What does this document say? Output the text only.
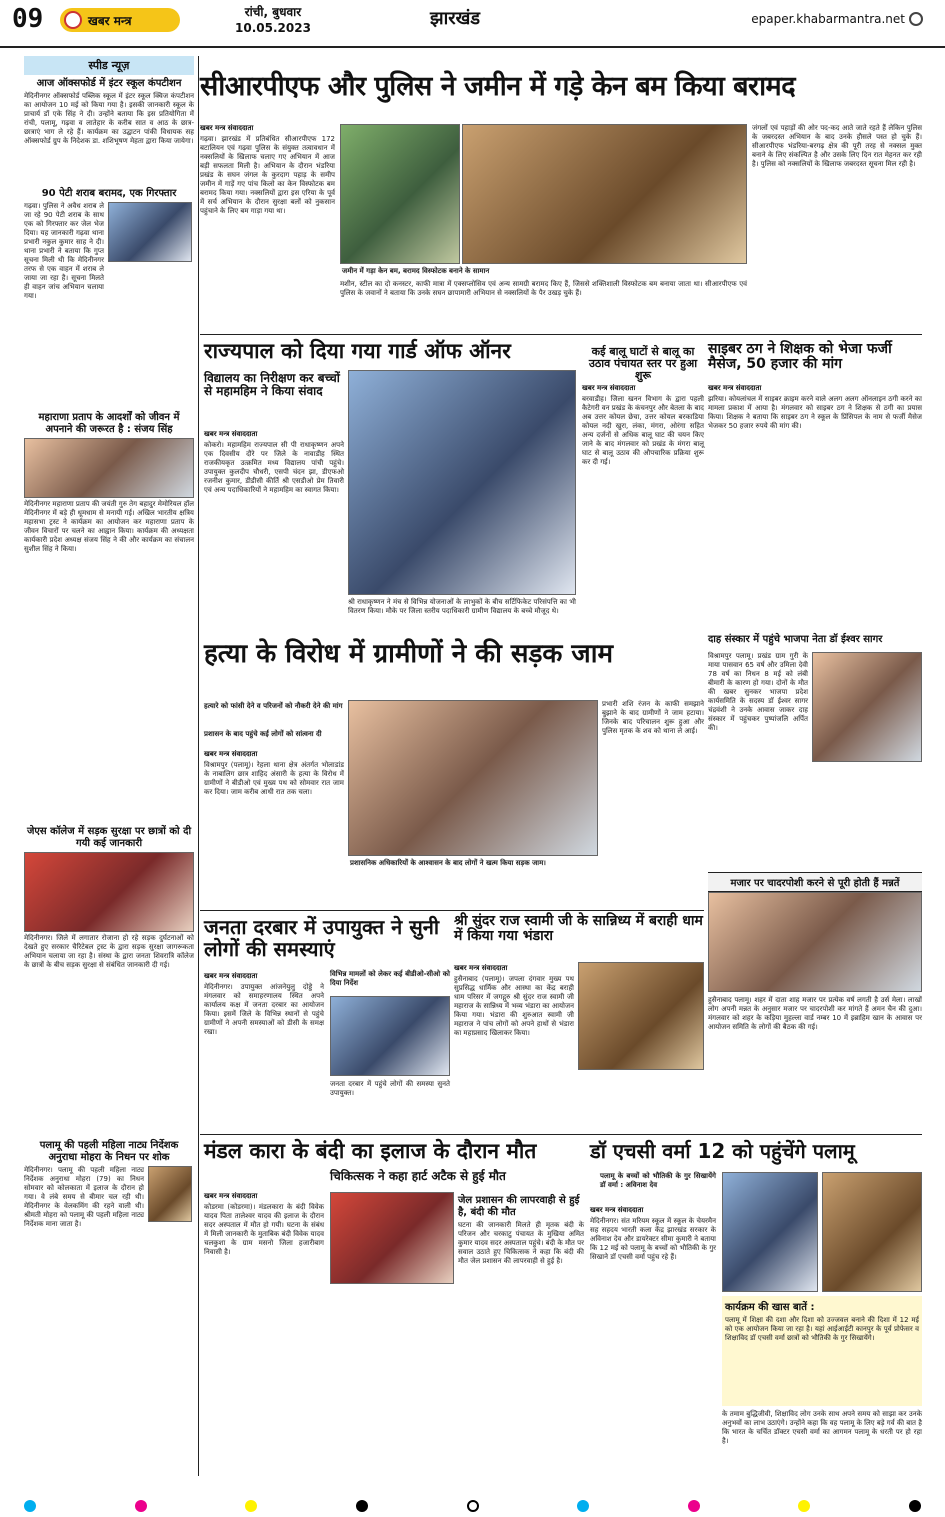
09	खबर मन्त्र
रांची, बुधवार
10.05.2023	झारखंड	epaper.khabarmantra.net
स्पीड न्यूज़
आज ऑक्सफोर्ड में इंटर स्कूल कंपटीशन
मेदिनीनगर ऑक्सफोर्ड पब्लिक स्कूल में इंटर स्कूल क्विज कंपटीशन का आयोजन 10 मई को किया गया है। इसकी जानकारी स्कूल के प्राचार्य डॉ एके सिंह ने दी। उन्होंने बताया कि इस प्रतियोगिता में रांची, पलामू, गढ़वा व लातेहार के करीब सात व आठ के छात्र-छात्राएं भाग ले रहे हैं। कार्यक्रम का उद्घाटन पांकी विधायक सह ऑक्सफोर्ड ग्रुप के निदेशक डा. शशिभूषण मेहता द्वारा किया जायेगा।
90 पेटी शराब बरामद, एक गिरफ्तार
गढ़वा। पुलिस ने अवैध शराब ले जा रहे 90 पेटी शराब के साथ एक को गिरफ्तार कर जेल भेज दिया। यह जानकारी गढ़वा थाना प्रभारी नकुल कुमार साह ने दी। थाना प्रभारी ने बताया कि गुप्त सूचना मिली थी कि मेदिनीनगर तरफ से एक वाहन में शराब ले जाया जा रहा है। सूचना मिलते ही वाहन जांच अभियान चलाया गया।
महाराणा प्रताप के आदर्शों को जीवन में अपनाने की जरूरत है : संजय सिंह
मेदिनीनगर महाराणा प्रताप की जयंती गुरु तेग बहादुर मेमोरियल हॉल मेदिनीनगर में बड़े ही धूमधाम से मनायी गई। अखिल भारतीय क्षत्रिय महासभा ट्रस्ट ने कार्यक्रम का आयोजन कर महाराणा प्रताप के जीवन विचारों पर चलने का आह्वान किया। कार्यक्रम की अध्यक्षता कार्यकारी प्रदेश अध्यक्ष संजय सिंह ने की और कार्यक्रम का संचालन सुशील सिंह ने किया।
जेएस कॉलेज में सड़क सुरक्षा पर छात्रों को दी गयी कई जानकारी
मेदिनीनगर। जिले में लगातार रोजाना हो रहे सड़क दुर्घटनाओं को देखते हुए सरकार चैरिटेबल ट्रस्ट के द्वारा सड़क सुरक्षा जागरूकता अभियान चलाया जा रहा है। संस्था के द्वारा जनता शिवरात्रि कॉलेज के छात्रों के बीच सड़क सुरक्षा से संबंधित जानकारी दी गई।
पलामू की पहली महिला नाट्य निर्देशक अनुराधा मोहरा के निधन पर शोक
मेदिनीनगर। पलामू की पहली महिला नाट्य निर्देशक अनुराधा मोहरा (79) का निधन सोमवार को कोलकाता में इलाज के दौरान हो गया। वे लंबे समय से बीमार चल रही थी। मेदिनीनगर के वेलकमिंग की रहने वाली थी। श्रीमती मोहरा को पलामू की पहली महिला नाट्य निर्देशक माना जाता है।
सीआरपीएफ और पुलिस ने जमीन में गड़े केन बम किया बरामद
खबर मन्त्र संवाददाता
गढ़वा। झारखंड में प्रतिबंधित सीआरपीएफ 172 बटालियन एवं गढ़वा पुलिस के संयुक्त तत्वावधान में नक्सलियों के खिलाफ चलाए गए अभियान में आज बड़ी सफलता मिली है। अभियान के दौरान भंडरिया प्रखंड के सघन जंगल के कुरदाग पहाड़ के समीप जमीन में गाड़ें गए पांच किलो का केन विस्फोटक बम बरामद किया गया। नक्सलियों द्वारा इस एरिया के पूर्व में सर्च अभियान के दौरान सुरक्षा बलों को नुकसान पहुंचाने के लिए बम गाड़ा गया था।
जमीन में गड़ा केन बम, बरामद विस्फोटक बनाने के सामान
मशीन, स्टील का दो कनस्टर, काफी मात्रा में एक्सप्लोसिव एवं अन्य सामग्री बरामद किए हैं, जिससे शक्तिशाली विस्फोटक बम बनाया जाता था। सीआरपीएफ एवं पुलिस के जवानों ने बताया कि उनके सघन छापामारी अभियान से नक्सलियों के पैर उखड़ चुके हैं।
जंगलों एवं पहाड़ों की ओर पद-कद आते जाते रहते हैं लेकिन पुलिस के जबरदस्त अभियान के बाद उनके हौसले पस्त हो चुके हैं। सीआरपीएफ भंडरिया-बरगढ़ क्षेत्र की पूरी तरह से नक्सल मुक्त बनाने के लिए संकल्पित है और उसके लिए दिन रात मेहनत कर रही है। पुलिस को नक्सलियों के खिलाफ जबरदस्त सूचना मिल रही है।
राज्यपाल को दिया गया गार्ड ऑफ ऑनर
विद्यालय का निरीक्षण कर बच्चों से महामहिम ने किया संवाद
खबर मन्त्र संवाददाता
कोकरो। महामहिम राज्यपाल सी पी राधाकृष्णन अपने एक दिवसीय दौरे पर जिले के नावाडीह स्थित राजकीयकृत उत्क्रमित मध्य विद्यालय पांची पहुंचे। उपायुक्त कुलदीप चौधरी, एसपी चंदन झा, डीएफओ रजनीश कुमार, डीडीसी कीर्ति श्री एसडीओ प्रेम तिवारी एवं अन्य पदाधिकारियों ने महामहिम का स्वागत किया।
श्री राधाकृष्णन ने मंच से विभिन्न योजनाओं के लाभुकों के बीच सर्टिफिकेट परिसंपत्ति का भी वितरण किया। मौके पर जिला स्तरीय पदाधिकारी ग्रामीण विद्यालय के बच्चे मौजूद थे।
कई बालू घाटों से बालू का उठाव पंचायत स्तर पर हुआ शुरू
खबर मन्त्र संवाददाता
बरवाडीह। जिला खनन विभाग के द्वारा पहली कैटेगरी वन प्रखंड के कंचनपुर और बेतला के बाद अब उत्तर कोयल छेचा, उत्तर कोयल बरकाडिया कोयल नदी खुरा, लंका, मंगरा, ओरंगा सहित अन्य दर्जनों से अधिक बालू घाट की चयन किए जाने के बाद मंगलवार को प्रखंड के मंगरा बालू घाट से बालू उठाव की औपचारिक प्रक्रिया शुरू कर दी गई।
साइबर ठग ने शिक्षक को भेजा फर्जी मैसेज, 50 हजार की मांग
खबर मन्त्र संवाददाता
झरिया। कोयलांचल में साइबर क्राइम करने वाले अलग अलग ऑनलाइन ठगी करने का मामला प्रकाश में आया है। मंगलवार को साइबर ठग ने शिक्षक से ठगी का प्रयास किया। शिक्षक ने बताया कि साइबर ठग ने स्कूल के प्रिंसिपल के नाम से फर्जी मैसेज भेजकर 50 हजार रुपये की मांग की।
दाह संस्कार में पहुंचे भाजपा नेता डॉ ईश्वर सागर
विश्रामपुर पलामू। प्रखंड ग्राम गुरी के माया पासवान 65 वर्ष और उमिला देवी 78 वर्ष का निधन 8 मई को लंबी बीमारी के कारण हो गया। दोनों के मौत की खबर सुनकर भाजपा प्रदेश कार्यसमिति के सदस्य डॉ ईश्वर सागर चंद्रवंशी ने उनके आवास जाकर दाह संस्कार में पहुंचकर पुष्पांजलि अर्पित की।
मजार पर चादरपोशी करने से पूरी होती हैं मन्नतें
हुसैनाबाद पलामू। शहर में दाता शाह मजार पर प्रत्येक वर्ष लगती है उर्स मेला। लाखों लोग अपनी मन्नत के अनुसार मजार पर चादरपोशी कर मांगते हैं अमन चैन की दुआ। मंगलवार को शहर के कड़िया मुहल्ला वार्ड नम्बर 10 में इब्राहिम खान के आवास पर आयोजन समिति के लोगों की बैठक की गई।
हत्या के विरोध में ग्रामीणों ने की सड़क जाम
हत्यारे को फांसी देने व परिजनों को नौकरी देने की मांग
प्रशासन के बाद पहुंचे कई लोगों को सांत्वना दी
खबर मन्त्र संवाददाता
विश्रामपुर (पलामू)। रेहला थाना क्षेत्र अंतर्गत भोलाडांड के नाबालिग छात्र शाहिद अंसारी के हत्या के विरोध में ग्रामीणों ने बीडीओ एवं मुख्य पथ को सोमवार रात जाम कर दिया। जाम करीब आधी रात तक चला।
प्रशासनिक अधिकारियों के आश्वासन के बाद लोगों ने खत्म किया सड़क जाम।
प्रभारी शशि रंजन के काफी समझाने बुझाने के बाद ग्रामीणों ने जाम हटाया। जिनके बाद परिचालन शुरू हुआ और पुलिस मृतक के शव को थाना ले आई।
जनता दरबार में उपायुक्त ने सुनी लोगों की समस्याएं
विभिन्न मामलों को लेकर कई बीडीओ-सीओ को दिया निर्देश
खबर मन्त्र संवाददाता
मेदिनीनगर। उपायुक्त आंजनेयुलु दोड्डे ने मंगलवार को समाहरणालय स्थित अपने कार्यालय कक्ष में जनता दरबार का आयोजन किया। इसमें जिले के विभिन्न स्थानों से पहुंचे ग्रामीणों ने अपनी समस्याओं को डीसी के समक्ष रखा।
जनता दरबार में पहुंचे लोगों की समस्या सुनते उपायुक्त।
श्री सुंदर राज स्वामी जी के सान्निध्य में बराही धाम में किया गया भंडारा
खबर मन्त्र संवाददाता
हुसैनाबाद (पलामू)। जपला दंगवार मुख्य पथ सुप्रसिद्ध धार्मिक और आस्था का केंद्र बराही धाम परिसर में जगद्गुरु श्री सुंदर राज स्वामी जी महाराज के सान्निध्य में भव्य भंडारा का आयोजन किया गया। भंडारा की शुरुआत स्वामी जी महाराज ने पांच लोगों को अपने हाथों से भंडारा का महाप्रसाद खिलाकर किया।
मंडल कारा के बंदी का इलाज के दौरान मौत
चिकित्सक ने कहा हार्ट अटैक से हुई मौत
खबर मन्त्र संवाददाता
कोडरमा (कोडरमा)। मंडलकारा के बंदी विवेक यादव पिता तालेश्वर यादव की इलाज के दौरान सदर अस्पताल में मौत हो गयी। घटना के संबंध में मिली जानकारी के मुताबिक बंदी विवेक यादव चलकुशा के ग्राम मसनो जिला हजारीबाग निवासी है।
जेल प्रशासन की लापरवाही से हुई है, बंदी की मौत
घटना की जानकारी मिलते ही मृतक बंदी के परिजन और चरकाटु पंचायत के मुखिया अमित कुमार यादव सदर अस्पताल पहुंचे। बंदी के मौत पर सवाल उठाते हुए चिकित्सक ने कहा कि बंदी की मौत जेल प्रशासन की लापरवाही से हुई है।
डॉ एचसी वर्मा 12 को पहुंचेंगे पलामू
पलामू के बच्चों को भौतिकी के गुर सिखायेंगे डॉ वर्मा : अविनाश देव
खबर मन्त्र संवाददाता
मेदिनीनगर। संत मरियम स्कूल में स्कूल के चेयरमैन सह सहदय भारती कला केंद्र झारखंड सरकार के अविनाश देव और डायरेक्टर सीमा कुमारी ने बताया कि 12 मई को पलामू के बच्चों को भौतिकी के गुर सिखाने डॉ एचसी वर्मा पहुंच रहे हैं।
कार्यक्रम की खास बातें :
पलामू में शिक्षा की दशा और दिशा को उज्जवल बनाने की दिशा में 12 मई को एक आयोजन किया जा रहा है। यहां आईआईटी कानपुर के पूर्व प्रोफेसर व शिक्षाविद डॉ एचसी वर्मा छात्रों को भौतिकी के गुर सिखायेंगे।
के तमाम बुद्धिजीवी, शिक्षाविद लोग उनके साथ अपने समय को साझा कर उनके अनुभवों का लाभ उठाएंगे। उन्होंने कहा कि वह पलामू के लिए बड़े गर्व की बात है कि भारत के चर्चित डॉक्टर एचसी वर्मा का आगमन पलामू के धरती पर हो रहा है।
